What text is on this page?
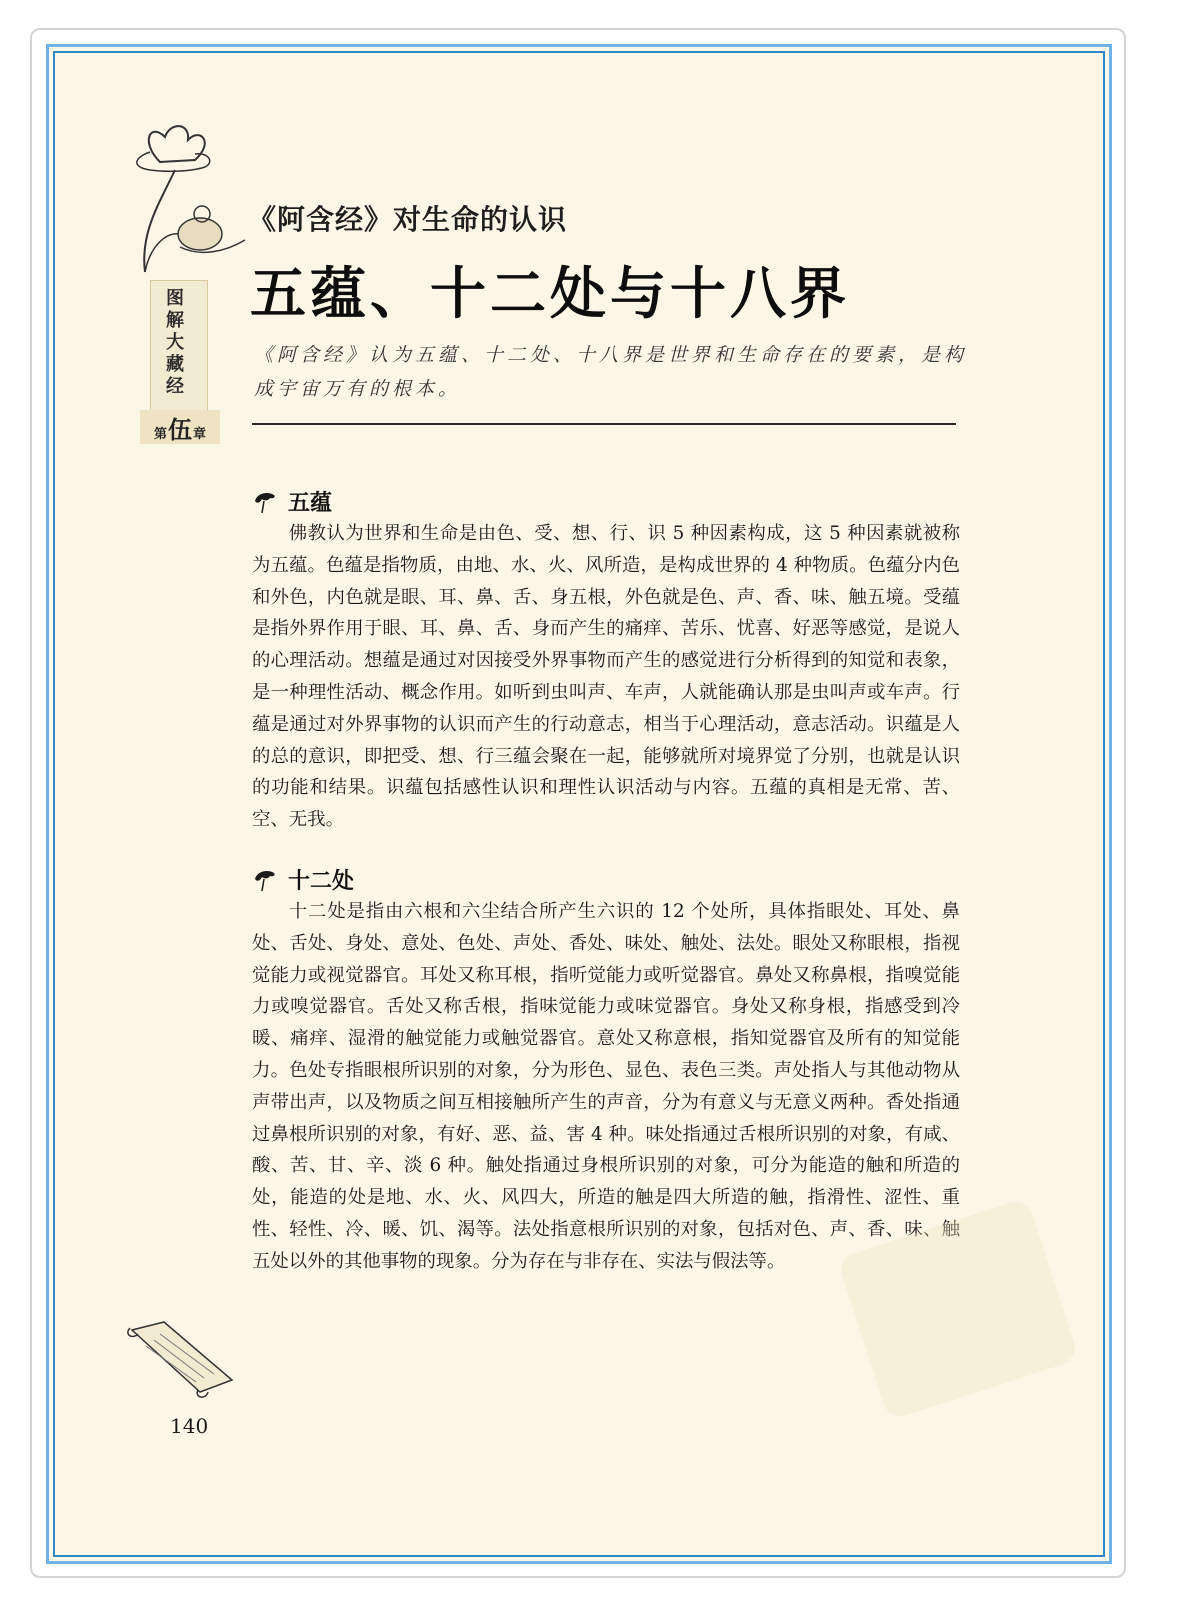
图
解
大
藏
经
第 伍 章
《阿含经》对生命的认识
五蕴、十二处与十八界
《阿含经》认为五蕴、十二处、十八界是世界和生命存在的要素，是构成宇宙万有的根本。
五蕴
佛教认为世界和生命是由色、受、想、行、识 5 种因素构成，这 5 种因素就被称为五蕴。色蕴是指物质，由地、水、火、风所造，是构成世界的 4 种物质。色蕴分内色和外色，内色就是眼、耳、鼻、舌、身五根，外色就是色、声、香、味、触五境。受蕴是指外界作用于眼、耳、鼻、舌、身而产生的痛痒、苦乐、忧喜、好恶等感觉，是说人的心理活动。想蕴是通过对因接受外界事物而产生的感觉进行分析得到的知觉和表象，是一种理性活动、概念作用。如听到虫叫声、车声，人就能确认那是虫叫声或车声。行蕴是通过对外界事物的认识而产生的行动意志，相当于心理活动，意志活动。识蕴是人的总的意识，即把受、想、行三蕴会聚在一起，能够就所对境界觉了分别，也就是认识的功能和结果。识蕴包括感性认识和理性认识活动与内容。五蕴的真相是无常、苦、空、无我。
十二处
十二处是指由六根和六尘结合所产生六识的 12 个处所，具体指眼处、耳处、鼻处、舌处、身处、意处、色处、声处、香处、味处、触处、法处。眼处又称眼根，指视觉能力或视觉器官。耳处又称耳根，指听觉能力或听觉器官。鼻处又称鼻根，指嗅觉能力或嗅觉器官。舌处又称舌根，指味觉能力或味觉器官。身处又称身根，指感受到冷暖、痛痒、湿滑的触觉能力或触觉器官。意处又称意根，指知觉器官及所有的知觉能力。色处专指眼根所识别的对象，分为形色、显色、表色三类。声处指人与其他动物从声带出声，以及物质之间互相接触所产生的声音，分为有意义与无意义两种。香处指通过鼻根所识别的对象，有好、恶、益、害 4 种。味处指通过舌根所识别的对象，有咸、酸、苦、甘、辛、淡 6 种。触处指通过身根所识别的对象，可分为能造的触和所造的处，能造的处是地、水、火、风四大，所造的触是四大所造的触，指滑性、涩性、重性、轻性、冷、暖、饥、渴等。法处指意根所识别的对象，包括对色、声、香、味、触五处以外的其他事物的现象。分为存在与非存在、实法与假法等。
140
